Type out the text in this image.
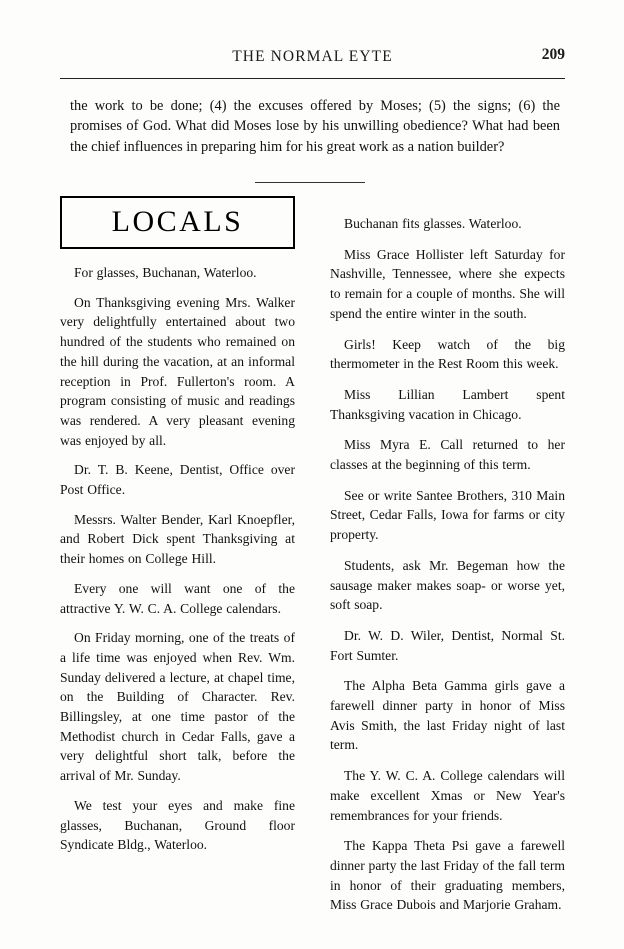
THE NORMAL EYTE	209

the work to be done; (4) the excuses offered by Moses; (5) the signs; (6) the promises of God. What did Moses lose by his unwilling obedience? What had been the chief influences in preparing him for his great work as a nation builder?

LOCALS

For glasses, Buchanan, Waterloo.

On Thanksgiving evening Mrs. Walker very delightfully entertained about two hundred of the students who remained on the hill during the vacation, at an informal reception in Prof. Fullerton's room. A program consisting of music and readings was rendered. A very pleasant evening was enjoyed by all.

Dr. T. B. Keene, Dentist, Office over Post Office.

Messrs. Walter Bender, Karl Knoepfler, and Robert Dick spent Thanksgiving at their homes on College Hill.

Every one will want one of the attractive Y. W. C. A. College calendars.

On Friday morning, one of the treats of a life time was enjoyed when Rev. Wm. Sunday delivered a lecture, at chapel time, on the Building of Character. Rev. Billingsley, at one time pastor of the Methodist church in Cedar Falls, gave a very delightful short talk, before the arrival of Mr. Sunday.

We test your eyes and make fine glasses, Buchanan, Ground floor Syndicate Bldg., Waterloo.

Buchanan fits glasses. Waterloo.

Miss Grace Hollister left Saturday for Nashville, Tennessee, where she expects to remain for a couple of months. She will spend the entire winter in the south.

Girls! Keep watch of the big thermometer in the Rest Room this week.

Miss Lillian Lambert spent Thanksgiving vacation in Chicago.

Miss Myra E. Call returned to her classes at the beginning of this term.

See or write Santee Brothers, 310 Main Street, Cedar Falls, Iowa for farms or city property.

Students, ask Mr. Begeman how the sausage maker makes soap- or worse yet, soft soap.

Dr. W. D. Wiler, Dentist, Normal St. Fort Sumter.

The Alpha Beta Gamma girls gave a farewell dinner party in honor of Miss Avis Smith, the last Friday night of last term.

The Y. W. C. A. College calendars will make excellent Xmas or New Year's remembrances for your friends.

The Kappa Theta Psi gave a farewell dinner party the last Friday of the fall term in honor of their graduating members, Miss Grace Dubois and Marjorie Graham.
